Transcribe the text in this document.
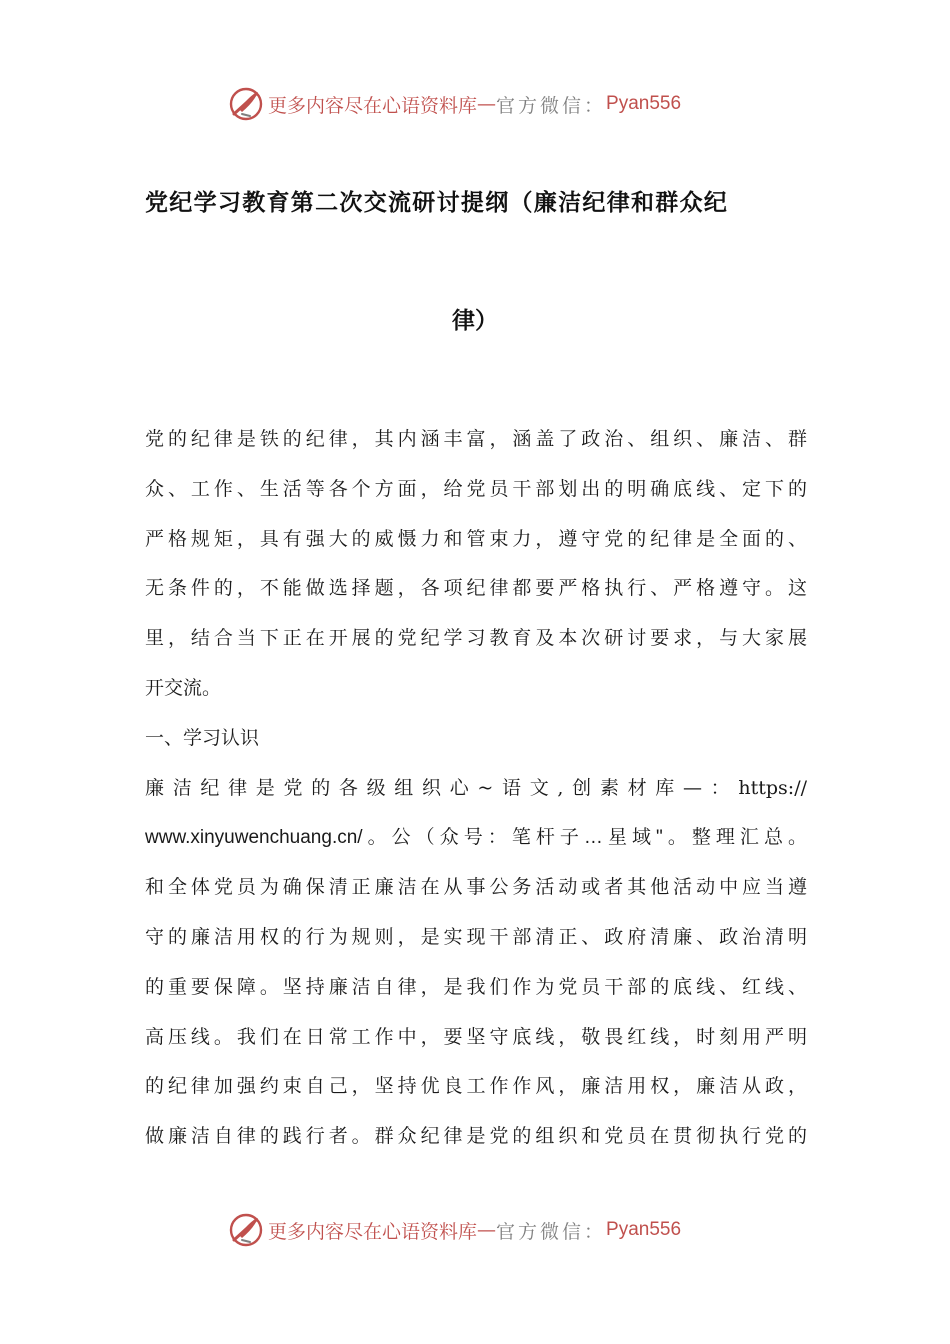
更多内容尽在心语资料库 — 官方微信： Pyan556
党纪学习教育第二次交流研讨提纲（廉洁纪律和群众纪
律）
党的纪律是铁的纪律，其内涵丰富，涵盖了政治、组织、廉洁、群
众、工作、生活等各个方面，给党员干部划出的明确底线、定下的
严格规矩，具有强大的威慑力和管束力，遵守党的纪律是全面的、
无条件的，不能做选择题，各项纪律都要严格执行、严格遵守。这
里，结合当下正在开展的党纪学习教育及本次研讨要求，与大家展
开交流。
一、学习认识
廉洁纪律是党的各级组织心~语文,创素材库—：https://
www.xinyuwenchuang.cn/。公（众号：笔杆子…星域"。整理汇总。
和全体党员为确保清正廉洁在从事公务活动或者其他活动中应当遵
守的廉洁用权的行为规则，是实现干部清正、政府清廉、政治清明
的重要保障。坚持廉洁自律，是我们作为党员干部的底线、红线、
高压线。我们在日常工作中，要坚守底线，敬畏红线，时刻用严明
的纪律加强约束自己，坚持优良工作作风，廉洁用权，廉洁从政，
做廉洁自律的践行者。群众纪律是党的组织和党员在贯彻执行党的
更多内容尽在心语资料库 — 官方微信： Pyan556
